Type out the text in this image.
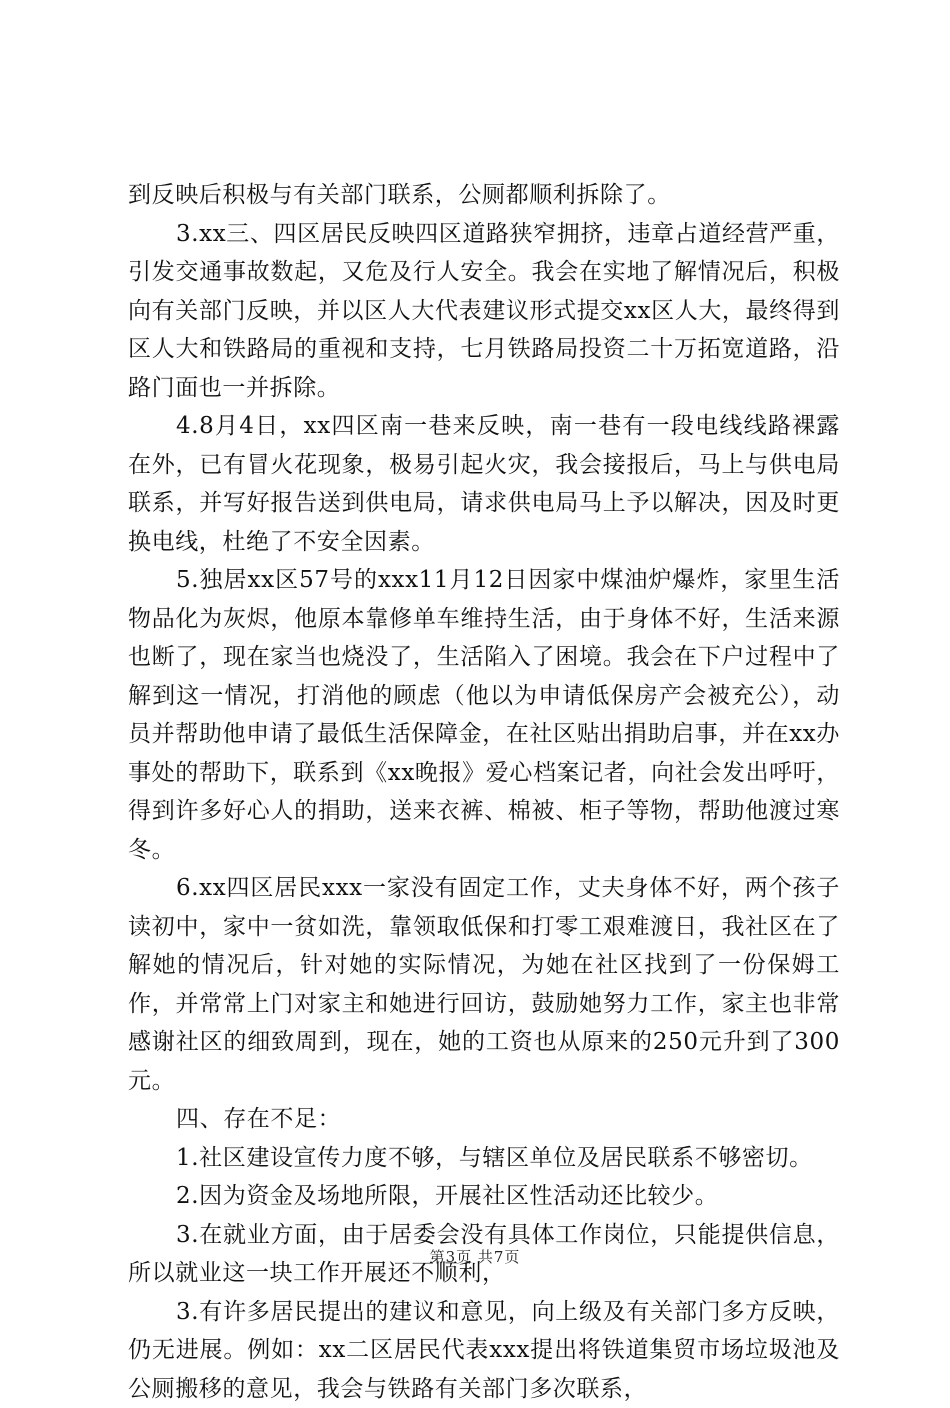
到反映后积极与有关部门联系，公厕都顺利拆除了。

3.xx三、四区居民反映四区道路狭窄拥挤，违章占道经营严重，引发交通事故数起，又危及行人安全。我会在实地了解情况后，积极向有关部门反映，并以区人大代表建议形式提交xx区人大，最终得到区人大和铁路局的重视和支持，七月铁路局投资二十万拓宽道路，沿路门面也一并拆除。

4.8月4日，xx四区南一巷来反映，南一巷有一段电线线路裸露在外，已有冒火花现象，极易引起火灾，我会接报后，马上与供电局联系，并写好报告送到供电局，请求供电局马上予以解决，因及时更换电线，杜绝了不安全因素。

5.独居xx区57号的xxx11月12日因家中煤油炉爆炸，家里生活物品化为灰烬，他原本靠修单车维持生活，由于身体不好，生活来源也断了，现在家当也烧没了，生活陷入了困境。我会在下户过程中了解到这一情况，打消他的顾虑（他以为申请低保房产会被充公），动员并帮助他申请了最低生活保障金，在社区贴出捐助启事，并在xx办事处的帮助下，联系到《xx晚报》爱心档案记者，向社会发出呼吁，得到许多好心人的捐助，送来衣裤、棉被、柜子等物，帮助他渡过寒冬。

6.xx四区居民xxx一家没有固定工作，丈夫身体不好，两个孩子读初中，家中一贫如洗，靠领取低保和打零工艰难渡日，我社区在了解她的情况后，针对她的实际情况，为她在社区找到了一份保姆工作，并常常上门对家主和她进行回访，鼓励她努力工作，家主也非常感谢社区的细致周到，现在，她的工资也从原来的250元升到了300元。

四、存在不足：

1.社区建设宣传力度不够，与辖区单位及居民联系不够密切。

2.因为资金及场地所限，开展社区性活动还比较少。

3.在就业方面，由于居委会没有具体工作岗位，只能提供信息，所以就业这一块工作开展还不顺利，

3.有许多居民提出的建议和意见，向上级及有关部门多方反映，仍无进展。例如：xx二区居民代表xxx提出将铁道集贸市场垃圾池及公厕搬移的意见，我会与铁路有关部门多次联系，

第3页 共7页
